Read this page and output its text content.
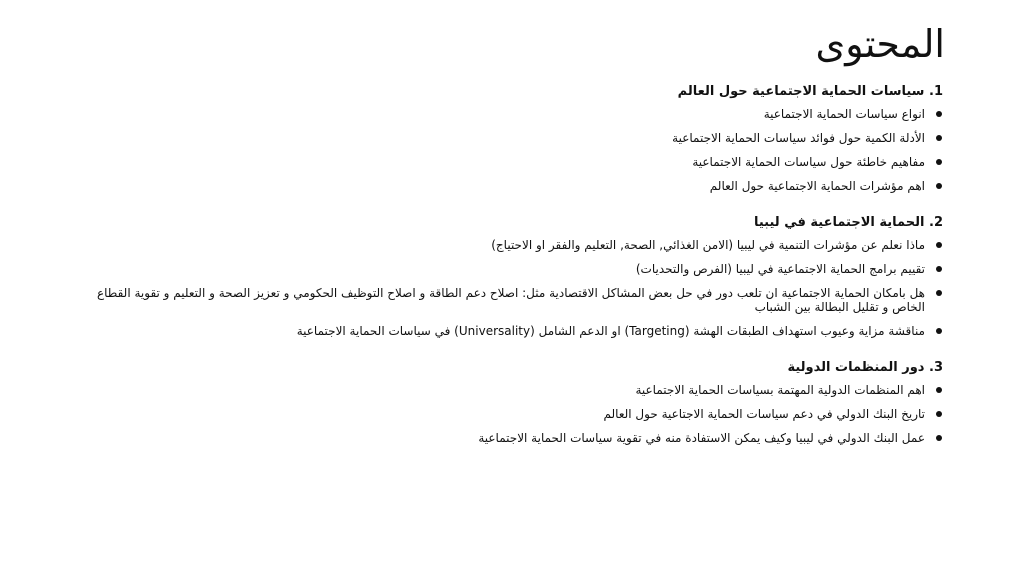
المحتوى
1. سياسات الحماية الاجتماعية حول العالم
انواع سياسات الحماية الاجتماعية
الأدلة الكمية حول فوائد سياسات الحماية الاجتماعية
مفاهيم خاطئة حول سياسات الحماية الاجتماعية
اهم مؤشرات الحماية الاجتماعية حول العالم
2. الحماية الاجتماعية في ليبيا
ماذا نعلم عن مؤشرات التنمية في ليبيا (الامن الغذائي, الصحة, التعليم والفقر او الاحتياج)
تقييم برامج الحماية الاجتماعية في ليبيا (الفرص والتحديات)
هل بامكان الحماية الاجتماعية ان تلعب دور في حل بعض المشاكل الاقتصادية مثل: اصلاح دعم الطاقة و اصلاح التوظيف الحكومي و تعزيز الصحة و التعليم و تقوية القطاع الخاص و تقليل البطالة بين الشباب
مناقشة مزاية وعيوب استهداف الطبقات الهشة (Targeting) او الدعم الشامل (Universality) في سياسات الحماية الاجتماعية
3. دور المنظمات الدولية
اهم المنظمات الدولية المهتمة بسياسات الحماية الاجتماعية
تاريخ البنك الدولي في دعم سياسات الحماية الاجتاعية حول العالم
عمل البنك الدولي في ليبيا وكيف يمكن الاستفادة منه في تقوية سياسات الحماية الاجتماعية
